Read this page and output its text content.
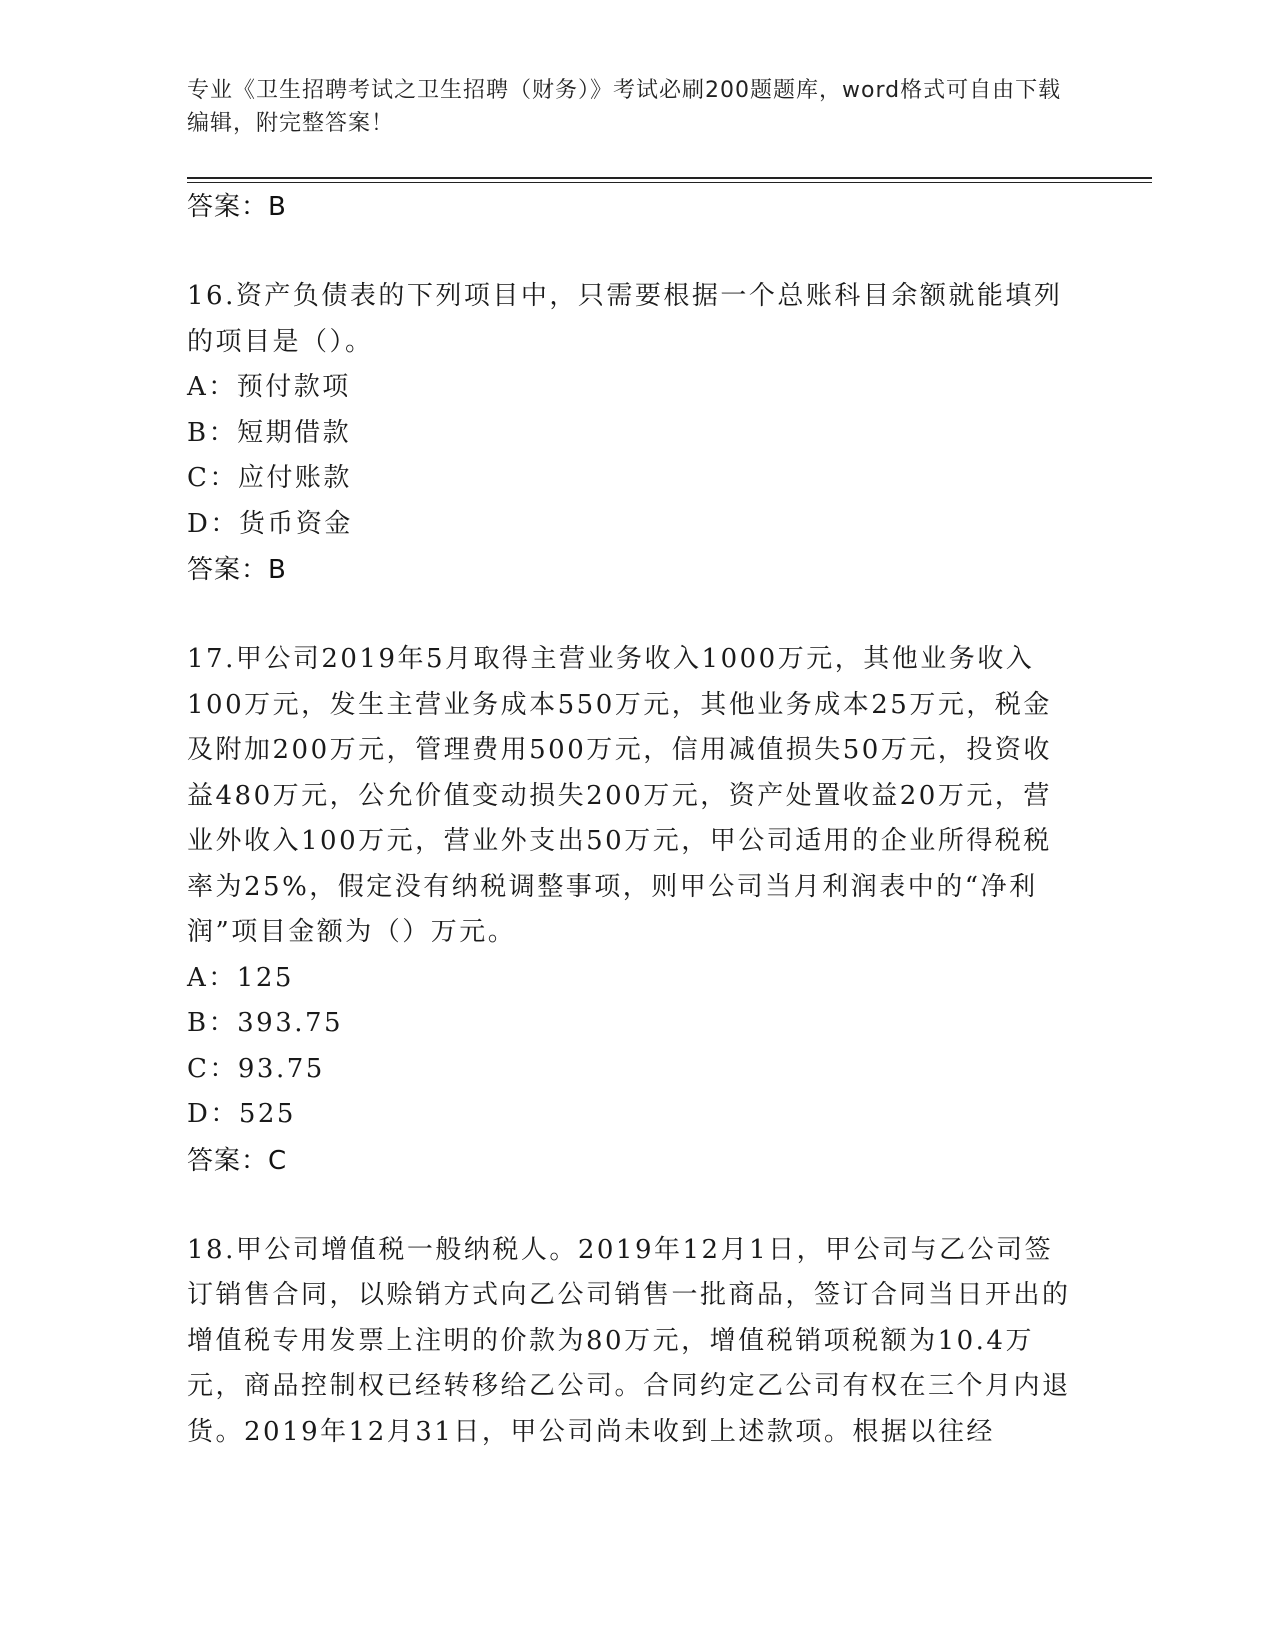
专业《卫生招聘考试之卫生招聘（财务）》考试必刷200题题库，word格式可自由下载编辑，附完整答案！

答案：B

16.资产负债表的下列项目中，只需要根据一个总账科目余额就能填列的项目是（）。

A：预付款项

B：短期借款

C：应付账款

D：货币资金

答案：B

17.甲公司2019年5月取得主营业务收入1000万元，其他业务收入100万元，发生主营业务成本550万元，其他业务成本25万元，税金及附加200万元，管理费用500万元，信用减值损失50万元，投资收益480万元，公允价值变动损失200万元，资产处置收益20万元，营业外收入100万元，营业外支出50万元，甲公司适用的企业所得税税率为25%，假定没有纳税调整事项，则甲公司当月利润表中的“净利润”项目金额为（）万元。

A：125

B：393.75

C：93.75

D：525

答案：C

18.甲公司增值税一般纳税人。2019年12月1日，甲公司与乙公司签订销售合同，以赊销方式向乙公司销售一批商品，签订合同当日开出的增值税专用发票上注明的价款为80万元，增值税销项税额为10.4万元，商品控制权已经转移给乙公司。合同约定乙公司有权在三个月内退货。2019年12月31日，甲公司尚未收到上述款项。根据以往经
